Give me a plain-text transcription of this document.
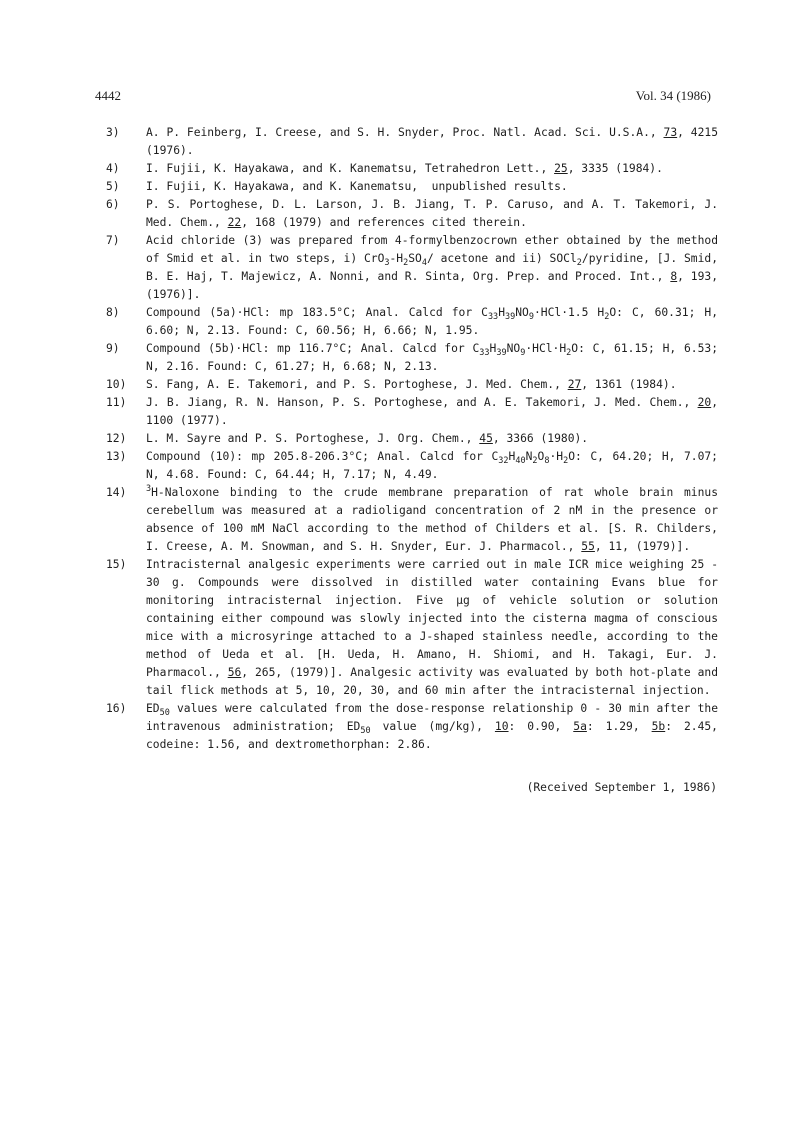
4442	Vol. 34 (1986)
3)	A. P. Feinberg, I. Creese, and S. H. Snyder, Proc. Natl. Acad. Sci. U.S.A., 73, 4215 (1976).
4)	I. Fujii, K. Hayakawa, and K. Kanematsu, Tetrahedron Lett., 25, 3335 (1984).
5)	I. Fujii, K. Hayakawa, and K. Kanematsu,  unpublished results.
6)	P. S. Portoghese, D. L. Larson, J. B. Jiang, T. P. Caruso, and A. T. Takemori, J. Med. Chem., 22, 168 (1979) and references cited therein.
7)	Acid chloride (3) was prepared from 4-formylbenzocrown ether obtained by the method of Smid et al. in two steps, i) $CrO_3-H_2SO_4/$ acetone and ii) SOCl$_2$/pyridine, [J. Smid, B. E. Haj, T. Majewicz, A. Nonni, and R. Sinta, Org. Prep. and Proced. Int., 8, 193, (1976)].
8)	Compound (5a)·HCl: mp 183.5°C; Anal. Calcd for $C_{33}H_{39}NO_9\cdot HCl\cdot 1.5$ $H_2O$: C, 60.31; H, 6.60; N, 2.13. Found: C, 60.56; H, 6.66; N, 1.95.
9)	Compound (5b)·HCl: mp 116.7°C; Anal. Calcd for $C_{33}H_{39}NO_9\cdot HCl\cdot H_2O$: C, 61.15; H, 6.53; N, 2.16. Found: C, 61.27; H, 6.68; N, 2.13.
10)	S. Fang, A. E. Takemori, and P. S. Portoghese, J. Med. Chem., 27, 1361 (1984).
11)	J. B. Jiang, R. N. Hanson, P. S. Portoghese, and A. E. Takemori, J. Med. Chem., 20, 1100 (1977).
12)	L. M. Sayre and P. S. Portoghese, J. Org. Chem., 45, 3366 (1980).
13)	Compound (10): mp 205.8-206.3°C; Anal. Calcd for $C_{32}H_{40}N_2O_8\cdot H_2O$: C, 64.20; H, 7.07; N, 4.68. Found: C, 64.44; H, 7.17; N, 4.49.
14)	$^3$H-Naloxone binding to the crude membrane preparation of rat whole brain minus cerebellum was measured at a radioligand concentration of 2 nM in the presence or absence of 100 mM NaCl according to the method of Childers et al. [S. R. Childers, I. Creese, A. M. Snowman, and S. H. Snyder, Eur. J. Pharmacol., 55, 11, (1979)].
15)	Intracisternal analgesic experiments were carried out in male ICR mice weighing 25 - 30 g. Compounds were dissolved in distilled water containing Evans blue for monitoring intracisternal injection. Five μg of vehicle solution or solution containing either compound was slowly injected into the cisterna magma of conscious mice with a microsyringe attached to a J-shaped stainless needle, according to the method of Ueda et al. [H. Ueda, H. Amano, H. Shiomi, and H. Takagi, Eur. J. Pharmacol., 56, 265, (1979)]. Analgesic activity was evaluated by both hot-plate and tail flick methods at 5, 10, 20, 30, and 60 min after the intracisternal injection.
16)	$ED_{50}$ values were calculated from the dose-response relationship 0 - 30 min after the intravenous administration; $ED_{50}$ value (mg/kg), 10: 0.90, 5a: 1.29, 5b: 2.45, codeine: 1.56, and dextromethorphan: 2.86.
(Received September 1, 1986)
